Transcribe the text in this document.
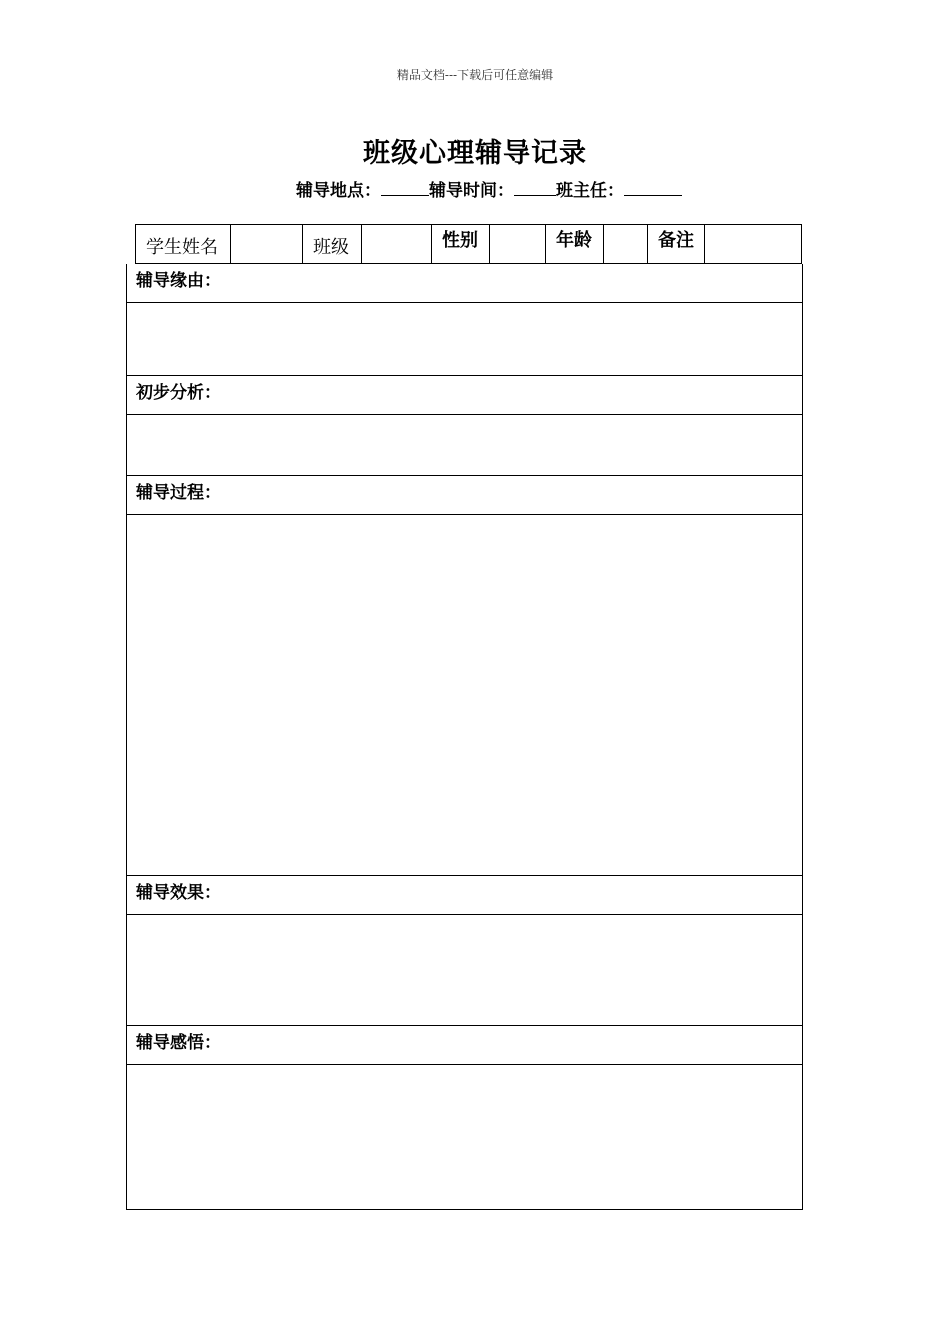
精品文档---下载后可任意编辑
班级心理辅导记录
辅导地点：	辅导时间： 班主任：
学生姓名	班级	性别	年龄	备注
辅导缘由：
初步分析：
辅导过程：
辅导效果：
辅导感悟：
